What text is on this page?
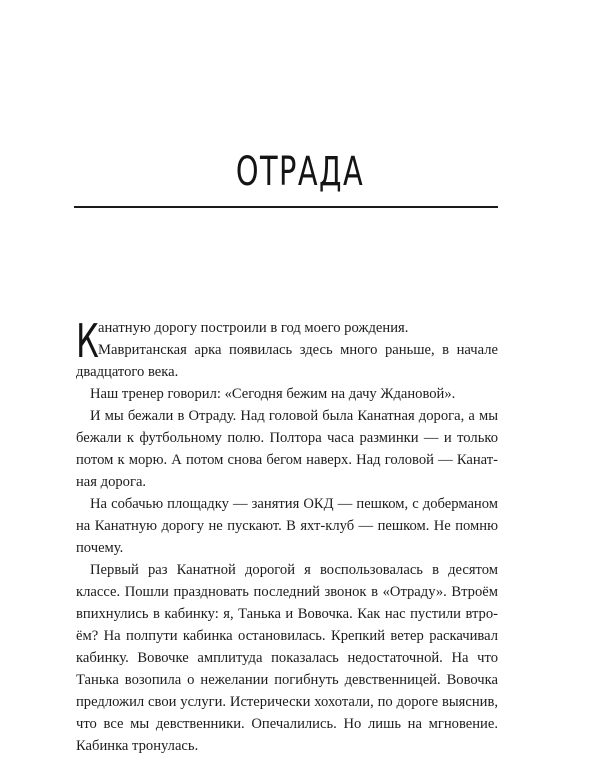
ОТРАДА
К анатную дорогу построили в год моего рождения.
Мавританская арка появилась здесь много раньше, в начале
двадцатого века.
Наш тренер говорил: «Сегодня бежим на дачу Ждановой».
И мы бежали в Отраду. Над головой была Канатная дорога, а мы
бежали к футбольному полю. Полтора часа разминки — и только
потом к морю. А потом снова бегом наверх. Над головой — Канат-
ная дорога.
На собачью площадку — занятия ОКД — пешком, с доберманом
на Канатную дорогу не пускают. В яхт-клуб — пешком. Не помню
почему.
Первый раз Канатной дорогой я воспользовалась в десятом
классе. Пошли праздновать последний звонок в «Отраду». Втроём
впихнулись в кабинку: я, Танька и Вовочка. Как нас пустили втро-
ём? На полпути кабинка остановилась. Крепкий ветер раскачивал
кабинку. Вовочке амплитуда показалась недостаточной. На что
Танька возопила о нежелании погибнуть девственницей. Вовочка
предложил свои услуги. Истерически хохотали, по дороге выяснив,
что все мы девственники. Опечалились. Но лишь на мгновение.
Кабинка тронулась.
